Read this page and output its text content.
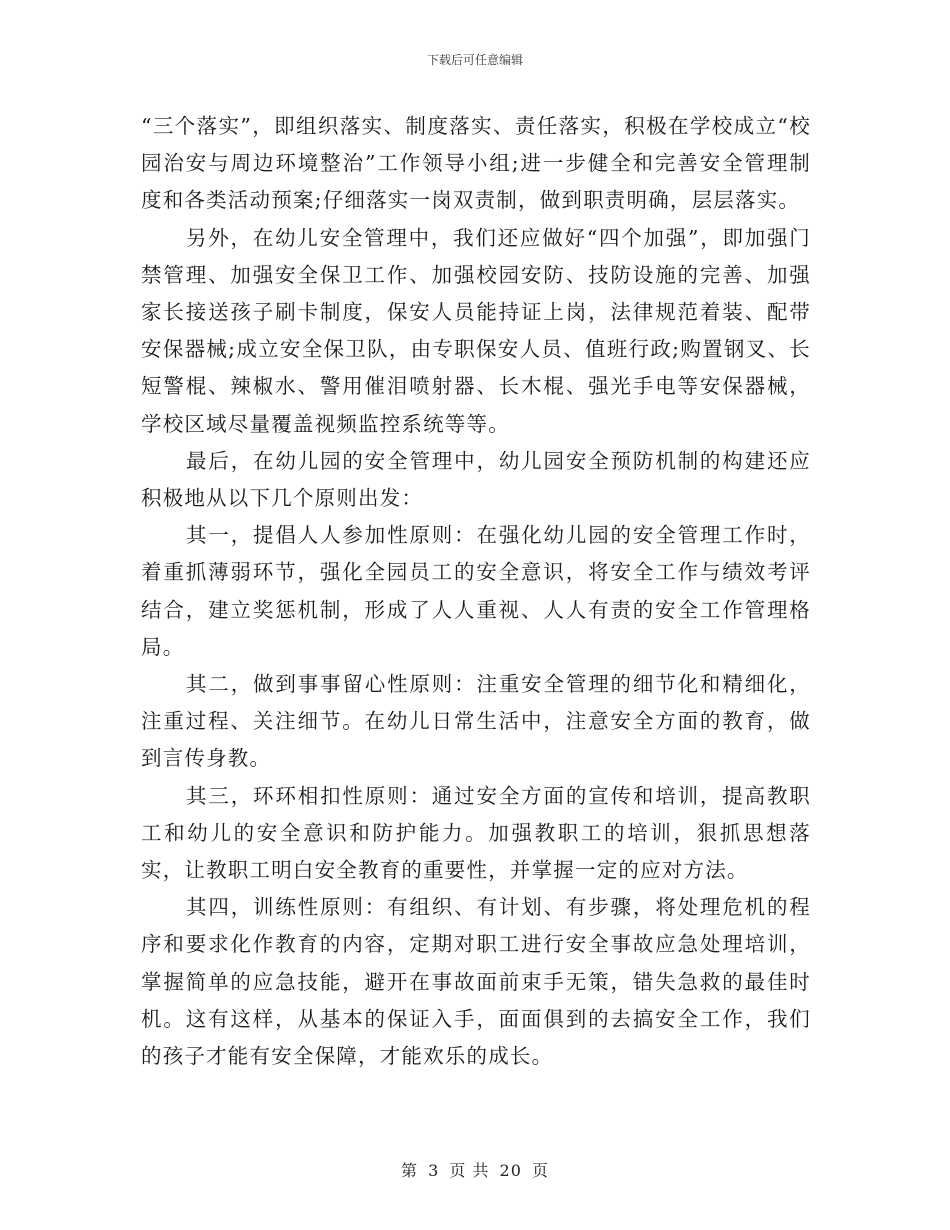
下载后可任意编辑

“三个落实”，即组织落实、制度落实、责任落实，积极在学校成立“校园治安与周边环境整治”工作领导小组;进一步健全和完善安全管理制度和各类活动预案;仔细落实一岗双责制，做到职责明确，层层落实。

另外，在幼儿安全管理中，我们还应做好“四个加强”，即加强门禁管理、加强安全保卫工作、加强校园安防、技防设施的完善、加强家长接送孩子刷卡制度，保安人员能持证上岗，法律规范着装、配带安保器械;成立安全保卫队，由专职保安人员、值班行政;购置钢叉、长短警棍、辣椒水、警用催泪喷射器、长木棍、强光手电等安保器械，学校区域尽量覆盖视频监控系统等等。

最后，在幼儿园的安全管理中，幼儿园安全预防机制的构建还应积极地从以下几个原则出发：

其一，提倡人人参加性原则：在强化幼儿园的安全管理工作时，着重抓薄弱环节，强化全园员工的安全意识，将安全工作与绩效考评结合，建立奖惩机制，形成了人人重视、人人有责的安全工作管理格局。

其二，做到事事留心性原则：注重安全管理的细节化和精细化，注重过程、关注细节。在幼儿日常生活中，注意安全方面的教育，做到言传身教。

其三，环环相扣性原则：通过安全方面的宣传和培训，提高教职工和幼儿的安全意识和防护能力。加强教职工的培训，狠抓思想落实，让教职工明白安全教育的重要性，并掌握一定的应对方法。

其四，训练性原则：有组织、有计划、有步骤，将处理危机的程序和要求化作教育的内容，定期对职工进行安全事故应急处理培训，掌握简单的应急技能，避开在事故面前束手无策，错失急救的最佳时机。这有这样，从基本的保证入手，面面俱到的去搞安全工作，我们的孩子才能有安全保障，才能欢乐的成长。

第 3 页 共 20 页
